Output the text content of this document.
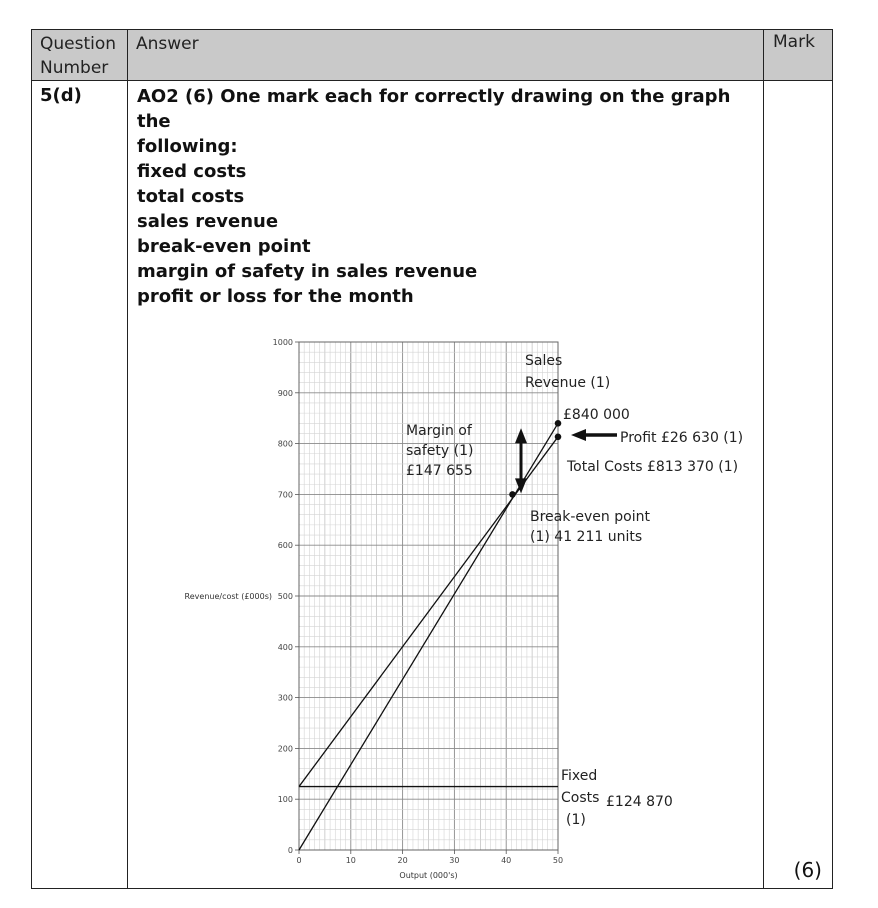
Question
Number
Answer	Mark
5(d)	AO2 (6) One mark each for correctly drawing on the graph the
following:
fixed costs
total costs
sales revenue
break-even point
margin of safety in sales revenue
profit or loss for the month
(6)
0
100
200
300
400
500
600
700
800
900
1000
0	10	20	30	40	50
Output (000's)
Revenue/cost (£000s)
Sales
Revenue (1)
£840 000
Profit £26 630 (1)
Total Costs £813 370 (1)
Margin of
safety (1)
£147 655
Break-even point
(1) 41 211 units
Fixed
Costs £124 870
(1)
